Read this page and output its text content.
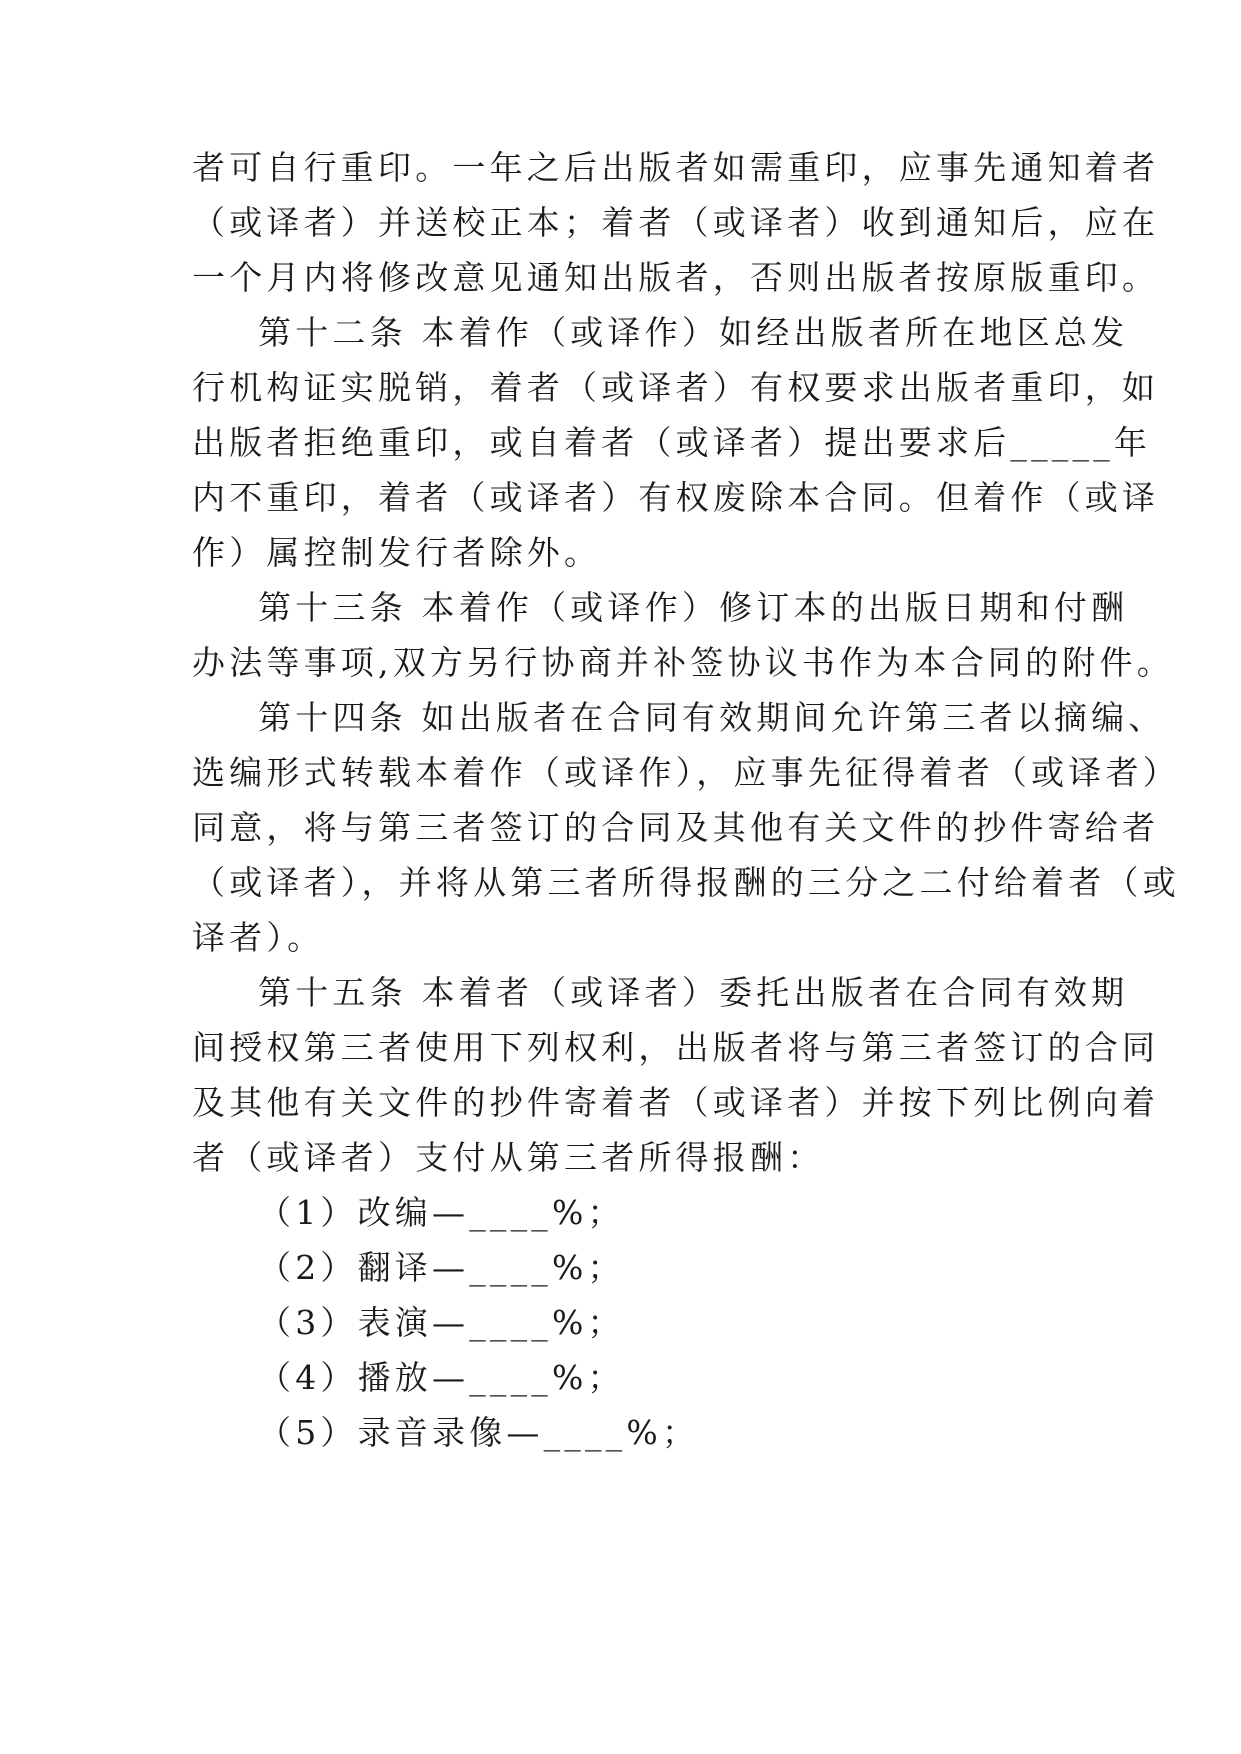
者可自行重印。一年之后出版者如需重印，应事先通知着者
（或译者）并送校正本；着者（或译者）收到通知后，应在
一个月内将修改意见通知出版者，否则出版者按原版重印。
第十二条 本着作（或译作）如经出版者所在地区总发
行机构证实脱销，着者（或译者）有权要求出版者重印，如
出版者拒绝重印，或自着者（或译者）提出要求后_____年
内不重印，着者（或译者）有权废除本合同。但着作（或译
作）属控制发行者除外。
第十三条 本着作（或译作）修订本的出版日期和付酬
办法等事项,双方另行协商并补签协议书作为本合同的附件。
第十四条 如出版者在合同有效期间允许第三者以摘编、
选编形式转载本着作（或译作），应事先征得着者（或译者）
同意，将与第三者签订的合同及其他有关文件的抄件寄给者
（或译者），并将从第三者所得报酬的三分之二付给着者（或
译者）。
第十五条 本着者（或译者）委托出版者在合同有效期
间授权第三者使用下列权利，出版者将与第三者签订的合同
及其他有关文件的抄件寄着者（或译者）并按下列比例向着
者（或译者）支付从第三者所得报酬：
（1）改编—____%；
（2）翻译—____%；
（3）表演—____%；
（4）播放—____%；
（5）录音录像—____%；
